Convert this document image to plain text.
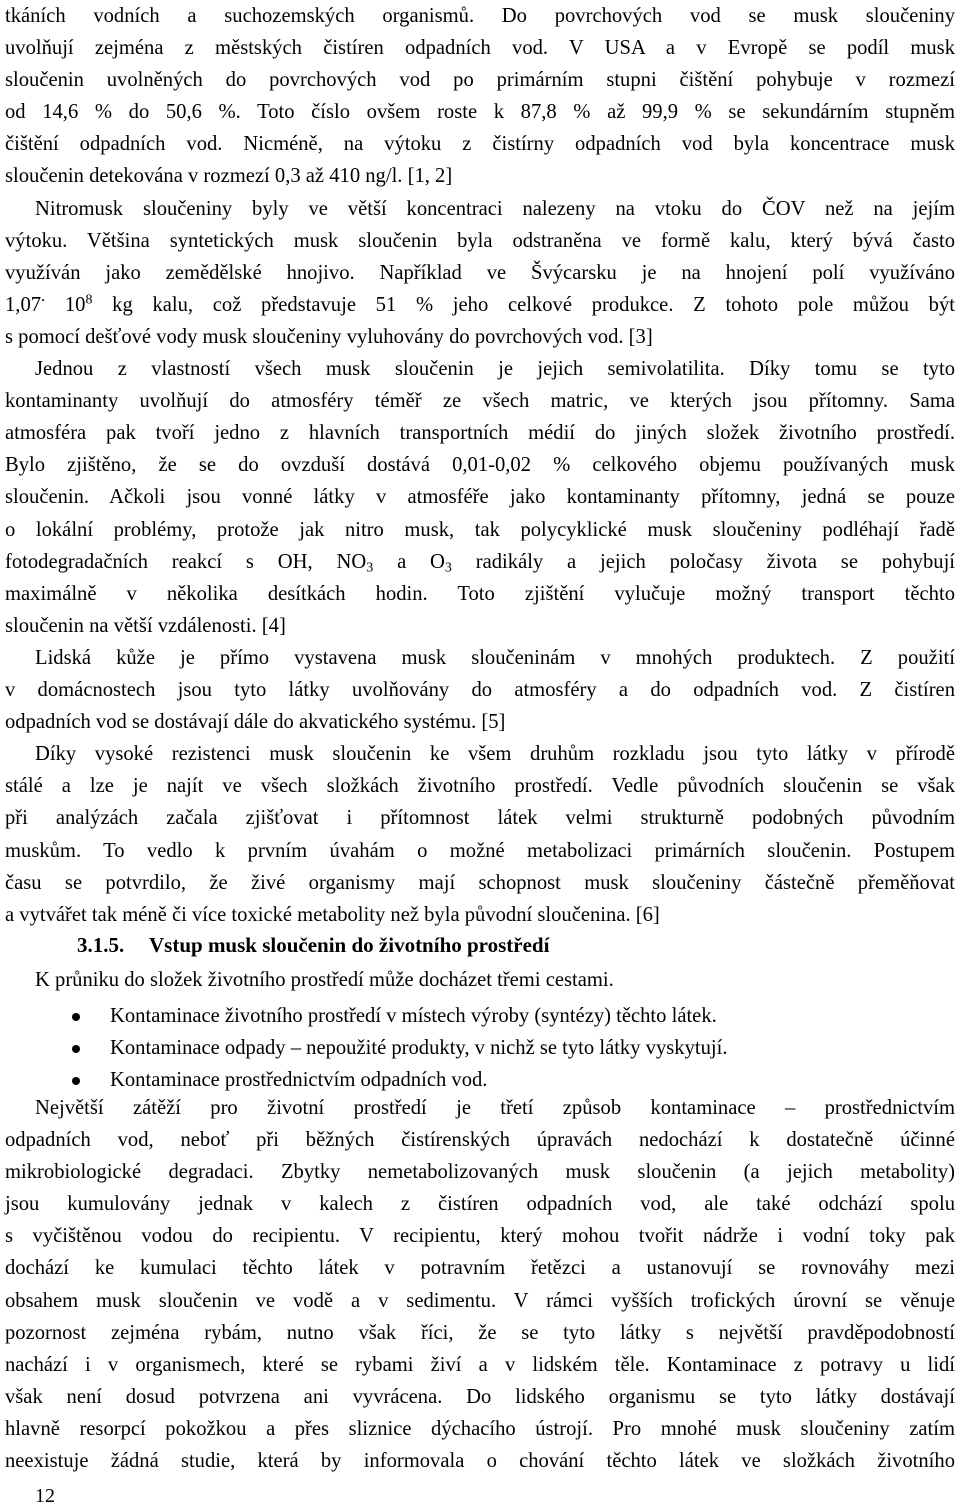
tkáních vodních a suchozemských organismů. Do povrchových vod se musk sloučeniny
uvolňují zejména z městských čistíren odpadních vod. V USA a v Evropě se podíl musk
sloučenin uvolněných do povrchových vod po primárním stupni čištění pohybuje v rozmezí
od 14,6 % do 50,6 %. Toto číslo ovšem roste k 87,8 % až 99,9 % se sekundárním stupněm
čištění odpadních vod. Nicméně, na výtoku z čistírny odpadních vod byla koncentrace musk
sloučenin detekována v rozmezí 0,3 až 410 ng/l. [1, 2]
Nitromusk sloučeniny byly ve větší koncentraci nalezeny na vtoku do ČOV než na jejím
výtoku. Většina syntetických musk sloučenin byla odstraněna ve formě kalu, který bývá často
využíván jako zemědělské hnojivo. Například ve Švýcarsku je na hnojení polí využíváno
1,07. $10^8$ kg kalu, což představuje 51 % jeho celkové produkce. Z tohoto pole můžou být
s pomocí dešťové vody musk sloučeniny vyluhovány do povrchových vod. [3]
Jednou z vlastností všech musk sloučenin je jejich semivolatilita. Díky tomu se tyto
kontaminanty uvolňují do atmosféry téměř ze všech matric, ve kterých jsou přítomny. Sama
atmosféra pak tvoří jedno z hlavních transportních médií do jiných složek životního prostředí.
Bylo zjištěno, že se do ovzduší dostává 0,01-0,02 % celkového objemu používaných musk
sloučenin. Ačkoli jsou vonné látky v atmosféře jako kontaminanty přítomny, jedná se pouze
o lokální problémy, protože jak nitro musk, tak polycyklické musk sloučeniny podléhají řadě
fotodegradačních reakcí s OH, $NO_3$ a $O_3$ radikály a jejich poločasy života se pohybují
maximálně v několika desítkách hodin. Toto zjištění vylučuje možný transport těchto
sloučenin na větší vzdálenosti. [4]
Lidská kůže je přímo vystavena musk sloučeninám v mnohých produktech. Z použití
v domácnostech jsou tyto látky uvolňovány do atmosféry a do odpadních vod. Z čistíren
odpadních vod se dostávají dále do akvatického systému. [5]
Díky vysoké rezistenci musk sloučenin ke všem druhům rozkladu jsou tyto látky v přírodě
stálé a lze je najít ve všech složkách životního prostředí. Vedle původních sloučenin se však
při analýzách začala zjišťovat i přítomnost látek velmi strukturně podobných původním
muskům. To vedlo k prvním úvahám o možné metabolizaci primárních sloučenin. Postupem
času se potvrdilo, že živé organismy mají schopnost musk sloučeniny částečně přeměňovat
a vytvářet tak méně či více toxické metabolity než byla původní sloučenina. [6]
3.1.5. Vstup musk sloučenin do životního prostředí
K průniku do složek životního prostředí může docházet třemi cestami.
Kontaminace životního prostředí v místech výroby (syntézy) těchto látek.
Kontaminace odpady – nepoužité produkty, v nichž se tyto látky vyskytují.
Kontaminace prostřednictvím odpadních vod.
Největší zátěží pro životní prostředí je třetí způsob kontaminace – prostřednictvím
odpadních vod, neboť při běžných čistírenských úpravách nedochází k dostatečně účinné
mikrobiologické degradaci. Zbytky nemetabolizovaných musk sloučenin (a jejich metabolity)
jsou kumulovány jednak v kalech z čistíren odpadních vod, ale také odchází spolu
s vyčištěnou vodou do recipientu. V recipientu, který mohou tvořit nádrže i vodní toky pak
dochází ke kumulaci těchto látek v potravním řetězci a ustanovují se rovnováhy mezi
obsahem musk sloučenin ve vodě a v sedimentu. V rámci vyšších trofických úrovní se věnuje
pozornost zejména rybám, nutno však říci, že se tyto látky s největší pravděpodobností
nachází i v organismech, které se rybami živí a v lidském těle. Kontaminace z potravy u lidí
však není dosud potvrzena ani vyvrácena. Do lidského organismu se tyto látky dostávají
hlavně resorpcí pokožkou a přes sliznice dýchacího ústrojí. Pro mnohé musk sloučeniny zatím
neexistuje žádná studie, která by informovala o chování těchto látek ve složkách životního
12
